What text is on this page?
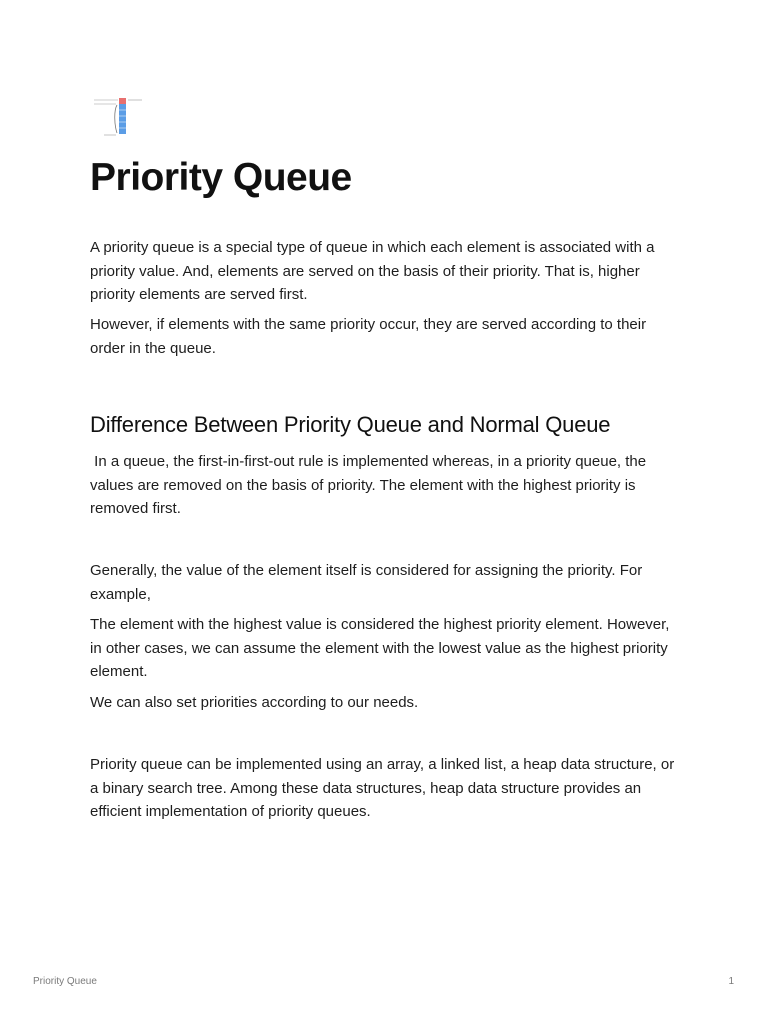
Priority Queue

A priority queue is a special type of queue in which each element is associated with a priority value. And, elements are served on the basis of their priority. That is, higher priority elements are served first.

However, if elements with the same priority occur, they are served according to their order in the queue.

Difference Between Priority Queue and Normal Queue

In a queue, the first-in-first-out rule is implemented whereas, in a priority queue, the values are removed on the basis of priority. The element with the highest priority is removed first.

Generally, the value of the element itself is considered for assigning the priority. For example,

The element with the highest value is considered the highest priority element. However, in other cases, we can assume the element with the lowest value as the highest priority element.

We can also set priorities according to our needs.

Priority queue can be implemented using an array, a linked list, a heap data structure, or a binary search tree. Among these data structures, heap data structure provides an efficient implementation of priority queues.

Priority Queue	1
